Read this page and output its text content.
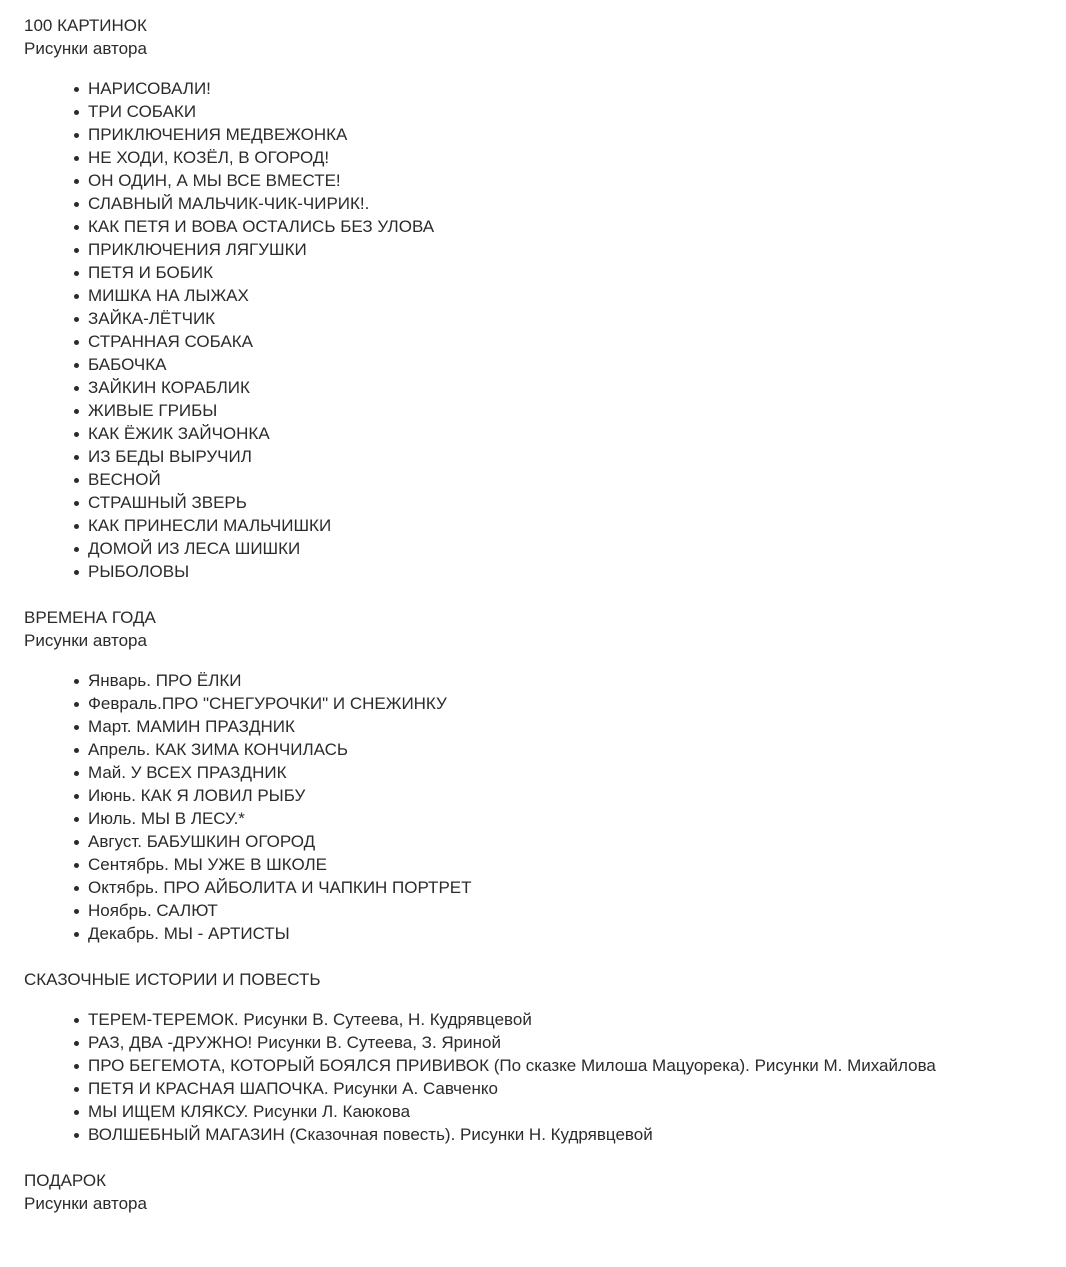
100 КАРТИНОК
Рисунки автора
НАРИСОВАЛИ!
ТРИ СОБАКИ
ПРИКЛЮЧЕНИЯ МЕДВЕЖОНКА
НЕ ХОДИ, КОЗЁЛ, В ОГОРОД!
ОН ОДИН, А МЫ ВСЕ ВМЕСТЕ!
СЛАВНЫЙ МАЛЬЧИК-ЧИК-ЧИРИК!.
КАК ПЕТЯ И ВОВА ОСТАЛИСЬ БЕЗ УЛОВА
ПРИКЛЮЧЕНИЯ ЛЯГУШКИ
ПЕТЯ И БОБИК
МИШКА НА ЛЫЖАХ
ЗАЙКА-ЛЁТЧИК
СТРАННАЯ СОБАКА
БАБОЧКА
ЗАЙКИН КОРАБЛИК
ЖИВЫЕ ГРИБЫ
КАК ЁЖИК ЗАЙЧОНКА
ИЗ БЕДЫ ВЫРУЧИЛ
ВЕСНОЙ
СТРАШНЫЙ ЗВЕРЬ
КАК ПРИНЕСЛИ МАЛЬЧИШКИ
ДОМОЙ ИЗ ЛЕСА ШИШКИ
РЫБОЛОВЫ
ВРЕМЕНА ГОДА
Рисунки автора
Январь. ПРО ЁЛКИ
Февраль.ПРО "СНЕГУРОЧКИ" И СНЕЖИНКУ
Март. МАМИН ПРАЗДНИК
Апрель. КАК ЗИМА КОНЧИЛАСЬ
Май. У ВСЕХ ПРАЗДНИК
Июнь. КАК Я ЛОВИЛ РЫБУ
Июль. МЫ В ЛЕСУ.*
Август. БАБУШКИН ОГОРОД
Сентябрь. МЫ УЖЕ В ШКОЛЕ
Октябрь. ПРО АЙБОЛИТА И ЧАПКИН ПОРТРЕТ
Ноябрь. САЛЮТ
Декабрь. МЫ - АРТИСТЫ
СКАЗОЧНЫЕ ИСТОРИИ И ПОВЕСТЬ
ТЕРЕМ-ТЕРЕМОК. Рисунки В. Сутеева, Н. Кудрявцевой
РАЗ, ДВА -ДРУЖНО! Рисунки В. Сутеева, З. Яриной
ПРО БЕГЕМОТА, КОТОРЫЙ БОЯЛСЯ ПРИВИВОК (По сказке Милоша Мацуорека). Рисунки М. Михайлова
ПЕТЯ И КРАСНАЯ ШАПОЧКА. Рисунки А. Савченко
МЫ ИЩЕМ КЛЯКСУ. Рисунки Л. Каюкова
ВОЛШЕБНЫЙ МАГАЗИН (Сказочная повесть). Рисунки Н. Кудрявцевой
ПОДАРОК
Рисунки автора
